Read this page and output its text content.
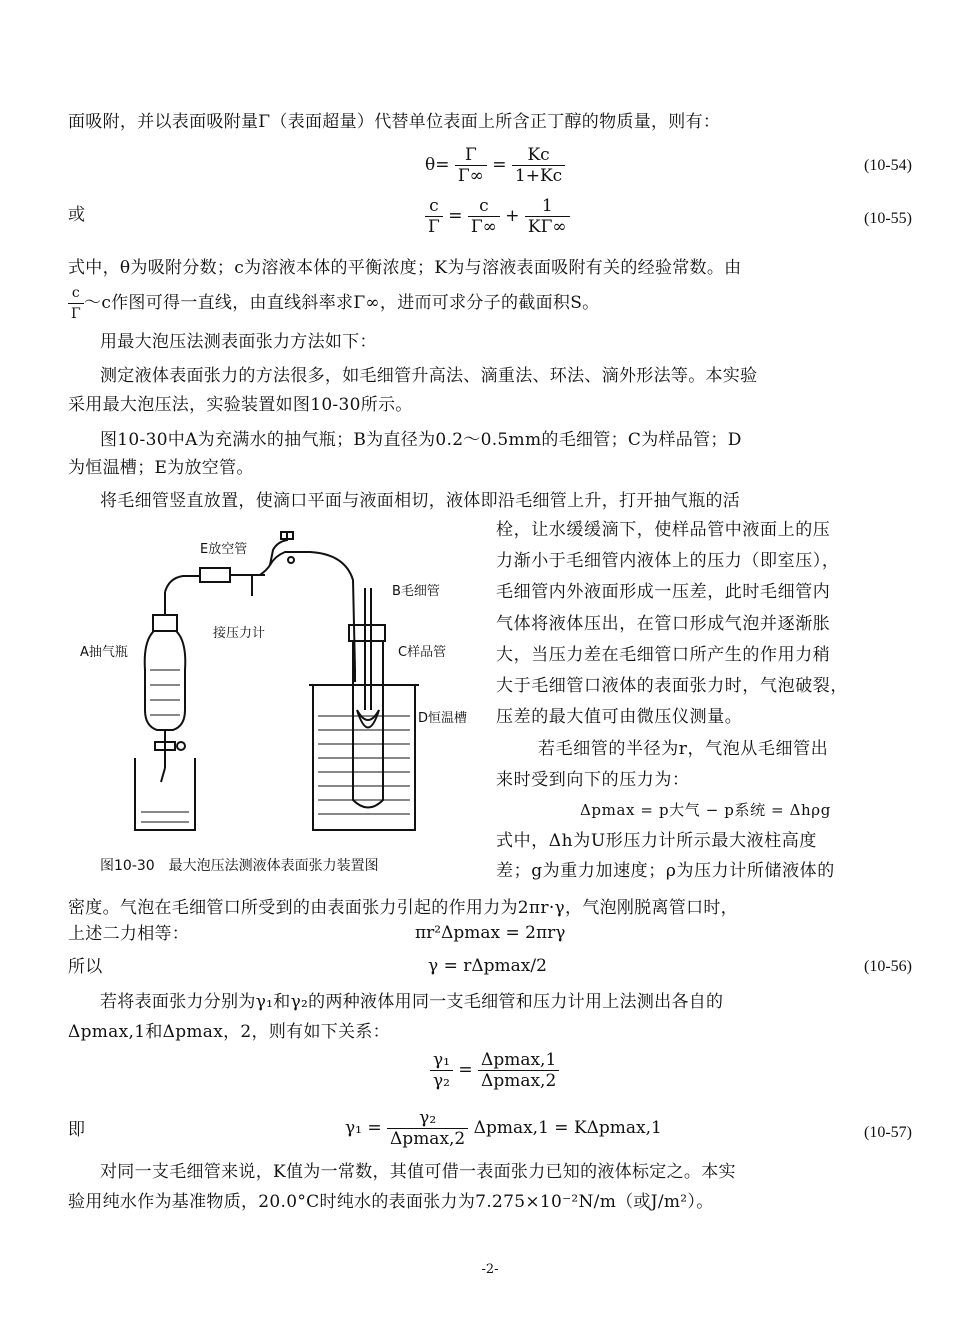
面吸附，并以表面吸附量Γ（表面超量）代替单位表面上所含正丁醇的物质量，则有：
$\theta= \frac{\Gamma}{\Gamma\infty} = \frac{Kc}{1+Kc}$	(10-54)
或	$\frac{c}{\Gamma} = \frac{c}{\Gamma\infty} + \frac{1}{K\Gamma\infty}$	(10-55)
式中，θ为吸附分数；c为溶液本体的平衡浓度；K为与溶液表面吸附有关的经验常数。由
$\frac{c}{\Gamma}$ ～c作图可得一直线，由直线斜率求Γ∞，进而可求分子的截面积S。
用最大泡压法测表面张力方法如下：
测定液体表面张力的方法很多，如毛细管升高法、滴重法、环法、滴外形法等。本实验
采用最大泡压法，实验装置如图10-30所示。
图10-30中A为充满水的抽气瓶；B为直径为0.2～0.5mm的毛细管；C为样品管；D
为恒温槽；E为放空管。
将毛细管竖直放置，使滴口平面与液面相切，液体即沿毛细管上升，打开抽气瓶的活
栓，让水缓缓滴下，使样品管中液面上的压
力渐小于毛细管内液体上的压力（即室压），
毛细管内外液面形成一压差，此时毛细管内
气体将液体压出，在管口形成气泡并逐渐胀
大，当压力差在毛细管口所产生的作用力稍
大于毛细管口液体的表面张力时，气泡破裂，
压差的最大值可由微压仪测量。
若毛细管的半径为r，气泡从毛细管出
来时受到向下的压力为：
Δpmax = p大气 − p系统 = Δhρg
式中，Δh为U形压力计所示最大液柱高度
差；g为重力加速度；ρ为压力计所储液体的
E放空管
B毛细管
接压力计
A抽气瓶	C样品管
D恒温槽
图10-30　最大泡压法测液体表面张力装置图
密度。气泡在毛细管口所受到的由表面张力引起的作用力为2πr·γ，气泡刚脱离管口时，
上述二力相等：	πr²Δpmax = 2πrγ
所以	γ = rΔpmax/2	(10-56)
若将表面张力分别为γ₁和γ₂的两种液体用同一支毛细管和压力计用上法测出各自的
Δpmax,1和Δpmax，2，则有如下关系：
$\frac{\text{γ₁}}{\text{γ₂}} = \frac{\Delta pmax,1}{\Delta pmax,2}$
即	$\gamma_1 = \frac{\text{γ₂}}{\Delta pmax,2} \Delta pmax,1 = K\Delta pmax,1$	(10-57)
对同一支毛细管来说，K值为一常数，其值可借一表面张力已知的液体标定之。本实
验用纯水作为基准物质，20.0°C时纯水的表面张力为7.275×10⁻²N/m（或J/m²）。
-2-
